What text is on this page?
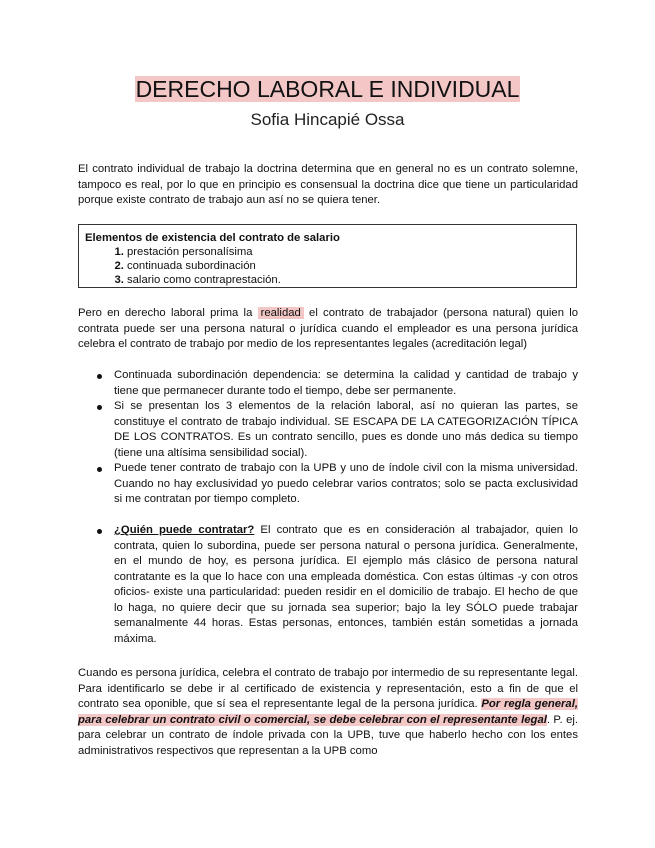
DERECHO LABORAL E INDIVIDUAL
Sofia Hincapié Ossa

El contrato individual de trabajo la doctrina determina que en general no es un contrato solemne, tampoco es real, por lo que en principio es consensual la doctrina dice que tiene un particularidad porque existe contrato de trabajo aun así no se quiera tener.

Elementos de existencia del contrato de salario
1. prestación personalísima
2. continuada subordinación
3. salario como contraprestación.

Pero en derecho laboral prima la realidad el contrato de trabajador (persona natural) quien lo contrata puede ser una persona natural o jurídica cuando el empleador es una persona jurídica celebra el contrato de trabajo por medio de los representantes legales (acreditación legal)

Continuada subordinación dependencia: se determina la calidad y cantidad de trabajo y tiene que permanecer durante todo el tiempo, debe ser permanente.
Si se presentan los 3 elementos de la relación laboral, así no quieran las partes, se constituye el contrato de trabajo individual. SE ESCAPA DE LA CATEGORIZACIÓN TÍPICA DE LOS CONTRATOS. Es un contrato sencillo, pues es donde uno más dedica su tiempo (tiene una altísima sensibilidad social).
Puede tener contrato de trabajo con la UPB y uno de índole civil con la misma universidad. Cuando no hay exclusividad yo puedo celebrar varios contratos; solo se pacta exclusividad si me contratan por tiempo completo.
¿Quién puede contratar? El contrato que es en consideración al trabajador, quien lo contrata, quien lo subordina, puede ser persona natural o persona jurídica. Generalmente, en el mundo de hoy, es persona jurídica. El ejemplo más clásico de persona natural contratante es la que lo hace con una empleada doméstica. Con estas últimas -y con otros oficios- existe una particularidad: pueden residir en el domicilio de trabajo. El hecho de que lo haga, no quiere decir que su jornada sea superior; bajo la ley SÓLO puede trabajar semanalmente 44 horas. Estas personas, entonces, también están sometidas a jornada máxima.

Cuando es persona jurídica, celebra el contrato de trabajo por intermedio de su representante legal. Para identificarlo se debe ir al certificado de existencia y representación, esto a fin de que el contrato sea oponible, que sí sea el representante legal de la persona jurídica. Por regla general, para celebrar un contrato civil o comercial, se debe celebrar con el representante legal. P. ej. para celebrar un contrato de índole privada con la UPB, tuve que haberlo hecho con los entes administrativos respectivos que representan a la UPB como
